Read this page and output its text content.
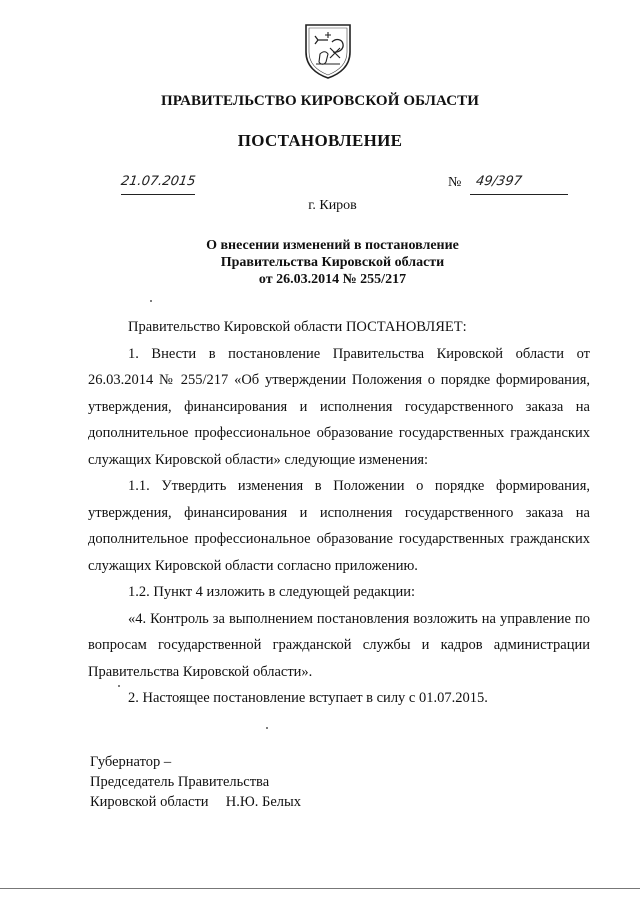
ПРАВИТЕЛЬСТВО КИРОВСКОЙ ОБЛАСТИ
ПОСТАНОВЛЕНИЕ
21.07.2015	№ 49/397
г. Киров
О внесении изменений в постановление
Правительства Кировской области
от 26.03.2014 № 255/217

Правительство Кировской области ПОСТАНОВЛЯЕТ:

1. Внести в постановление Правительства Кировской области от 26.03.2014 № 255/217 «Об утверждении Положения о порядке формирования, утверждения, финансирования и исполнения государственного заказа на дополнительное профессиональное образование государственных гражданских служащих Кировской области» следующие изменения:

1.1. Утвердить изменения в Положении о порядке формирования, утверждения, финансирования и исполнения государственного заказа на дополнительное профессиональное образование государственных гражданских служащих Кировской области согласно приложению.

1.2. Пункт 4 изложить в следующей редакции:

«4. Контроль за выполнением постановления возложить на управление по вопросам государственной гражданской службы и кадров администрации Правительства Кировской области».

2. Настоящее постановление вступает в силу с 01.07.2015.

Губернатор –
Председатель Правительства
Кировской области Н.Ю. Белых
